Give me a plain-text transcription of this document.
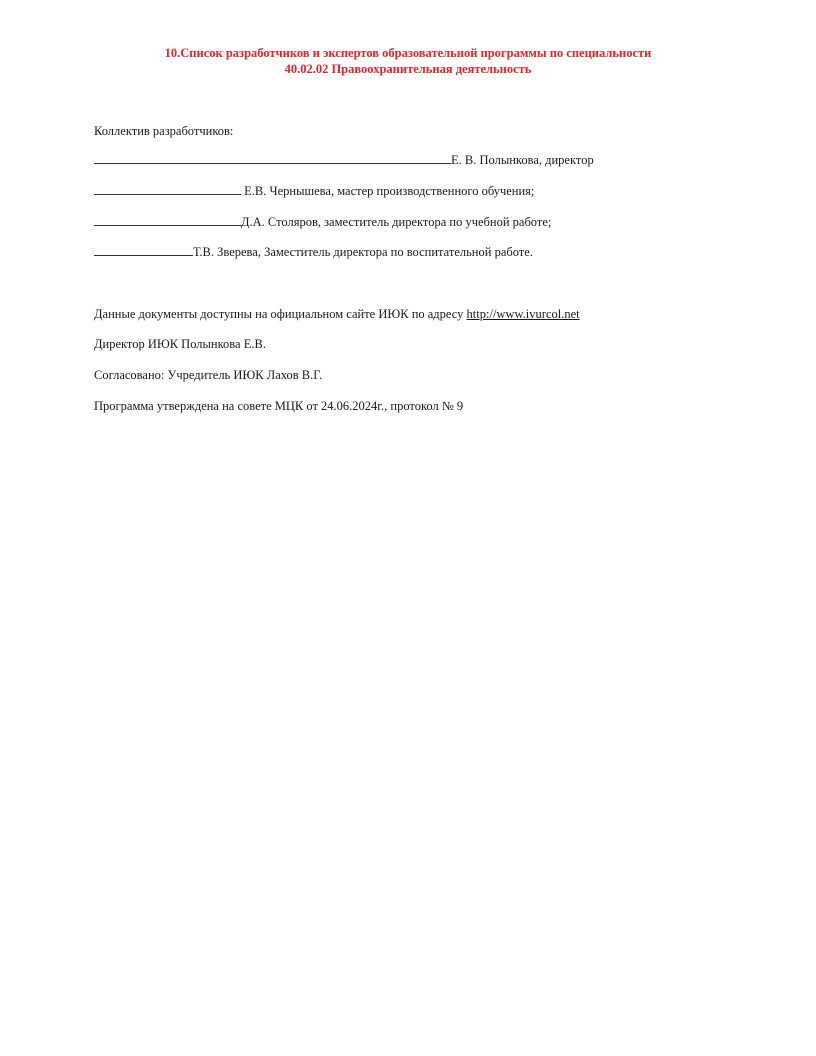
10.Список разработчиков и экспертов образовательной программы по специальности
40.02.02 Правоохранительная деятельность
Коллектив разработчиков:
Е. В. Полынкова, директор
Е.В. Чернышева, мастер производственного обучения;
Д.А. Столяров, заместитель директора по учебной работе;
Т.В. Зверева, Заместитель директора по воспитательной работе.
Данные документы доступны на официальном сайте ИЮК по адресу http://www.ivurcol.net
Директор ИЮК Полынкова Е.В.
Согласовано: Учредитель ИЮК Лахов В.Г.
Программа утверждена на совете МЦК от 24.06.2024г., протокол № 9
